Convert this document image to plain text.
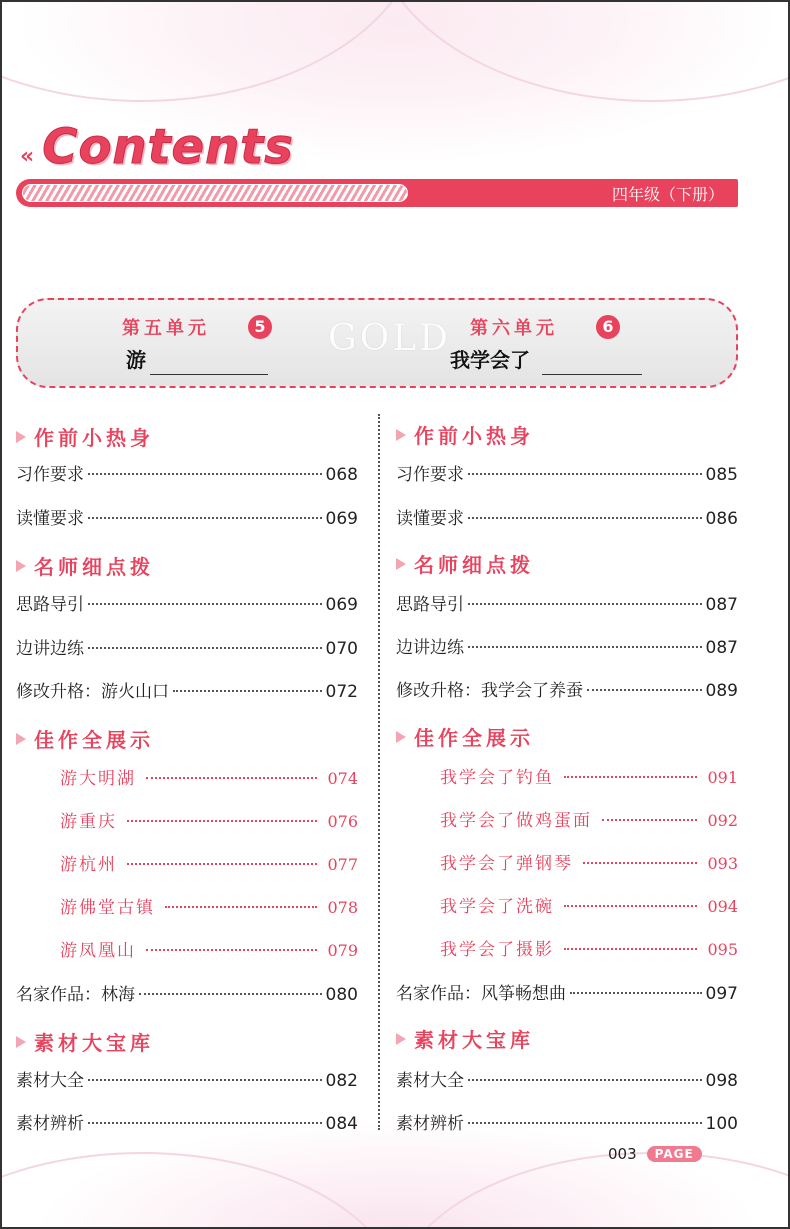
« Contents
四年级（下册）
GOLD
第五单元	5
游
第六单元	6
我学会了
作前小热身
习作要求	068
读懂要求	069
名师细点拨
思路导引	069
边讲边练	070
修改升格：游火山口	072
佳作全展示
游大明湖	074
游重庆	076
游杭州	077
游佛堂古镇	078
游凤凰山	079
名家作品：林海	080
素材大宝库
素材大全	082
素材辨析	084
作前小热身
习作要求	085
读懂要求	086
名师细点拨
思路导引	087
边讲边练	087
修改升格：我学会了养蚕	089
佳作全展示
我学会了钓鱼	091
我学会了做鸡蛋面	092
我学会了弹钢琴	093
我学会了洗碗	094
我学会了摄影	095
名家作品：风筝畅想曲	097
素材大宝库
素材大全	098
素材辨析	100
003	PAGE
